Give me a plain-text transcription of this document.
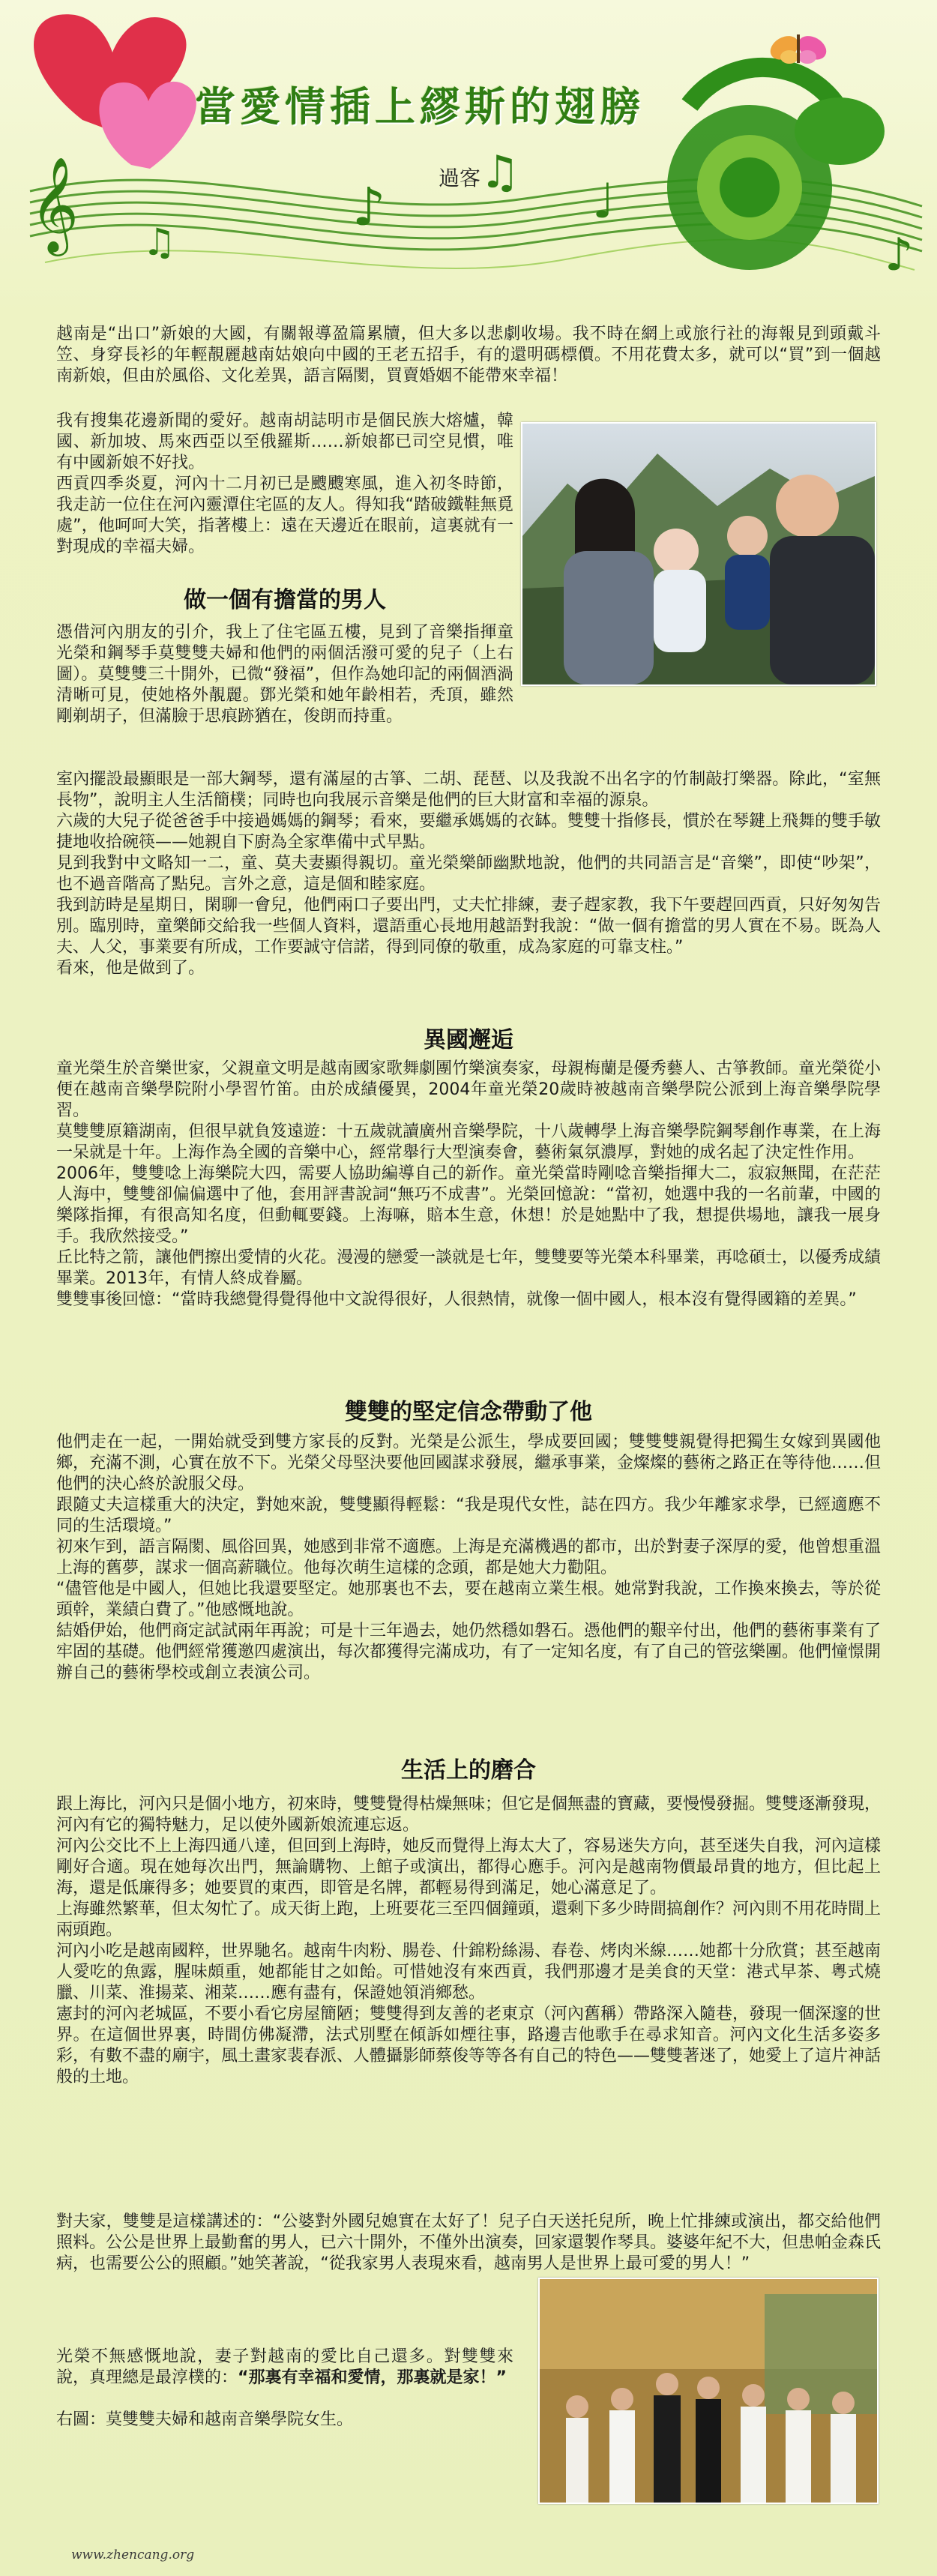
𝄞	♪
♫
♩
♪
♫
當愛情插上繆斯的翅膀
過客

越南是“出口”新娘的大國，有關報導盈篇累牘，但大多以悲劇收場。我不時在網上或旅行社的海報見到頭戴斗笠、身穿長衫的年輕靚麗越南姑娘向中國的王老五招手，有的還明碼標價。不用花費太多，就可以“買”到一個越南新娘，但由於風俗、文化差異，語言隔閡，買賣婚姻不能帶來幸福！

我有搜集花邊新聞的愛好。越南胡誌明市是個民族大熔爐，韓國、新加坡、馬來西亞以至俄羅斯……新娘都已司空見慣，唯有中國新娘不好找。

西貢四季炎夏，河內十二月初已是颼颼寒風，進入初冬時節，我走訪一位住在河內靈潭住宅區的友人。得知我“踏破鐵鞋無覓處”，他呵呵大笑，指著樓上：遠在天邊近在眼前，這裏就有一對現成的幸福夫婦。

做一個有擔當的男人

憑借河內朋友的引介，我上了住宅區五樓，見到了音樂指揮童光榮和鋼琴手莫雙雙夫婦和他們的兩個活潑可愛的兒子（上右圖）。莫雙雙三十開外，已微“發福”，但作為她印記的兩個酒渦清晰可見，使她格外靚麗。鄧光榮和她年齡相若，秃頂，雖然剛剃胡子，但滿臉于思痕跡猶在，俊朗而持重。

室內擺設最顯眼是一部大鋼琴，還有滿屋的古箏、二胡、琵琶、以及我說不出名字的竹制敲打樂器。除此，“室無長物”，說明主人生活簡樸；同時也向我展示音樂是他們的巨大財富和幸福的源泉。

六歲的大兒子從爸爸手中接過媽媽的鋼琴；看來，要繼承媽媽的衣缽。雙雙十指修長，慣於在琴鍵上飛舞的雙手敏捷地收拾碗筷——她親自下廚為全家準備中式早點。

見到我對中文略知一二，童、莫夫妻顯得親切。童光榮樂師幽默地說，他們的共同語言是“音樂”，即使“吵架”，也不過音階高了點兒。言外之意，這是個和睦家庭。

我到訪時是星期日，閑聊一會兒，他們兩口子要出門，丈夫忙排練，妻子趕家教，我下午要趕回西貢，只好匆匆告別。臨別時，童樂師交給我一些個人資料，還語重心長地用越語對我說：“做一個有擔當的男人實在不易。既為人夫、人父，事業要有所成，工作要誠守信諾，得到同僚的敬重，成為家庭的可靠支柱。”

看來，他是做到了。

異國邂逅

童光榮生於音樂世家，父親童文明是越南國家歌舞劇團竹樂演奏家，母親梅蘭是優秀藝人、古箏教師。童光榮從小便在越南音樂學院附小學習竹笛。由於成績優異，2004年童光榮20歲時被越南音樂學院公派到上海音樂學院學習。

莫雙雙原籍湖南，但很早就負笈遠遊：十五歲就讀廣州音樂學院，十八歲轉學上海音樂學院鋼琴創作專業，在上海一呆就是十年。上海作為全國的音樂中心，經常舉行大型演奏會，藝術氣氛濃厚，對她的成名起了決定性作用。

2006年，雙雙唸上海樂院大四，需要人協助編導自己的新作。童光榮當時剛唸音樂指揮大二，寂寂無聞，在茫茫人海中，雙雙卻偏偏選中了他，套用評書說詞“無巧不成書”。光榮回憶說：“當初，她選中我的一名前輩，中國的樂隊指揮，有很高知名度，但動輒要錢。上海嘛，賠本生意，休想！於是她點中了我，想提供場地，讓我一展身手。我欣然接受。”

丘比特之箭，讓他們擦出愛情的火花。漫漫的戀愛一談就是七年，雙雙要等光榮本科畢業，再唸碩士，以優秀成績畢業。2013年，有情人終成眷屬。

雙雙事後回憶：“當時我總覺得覺得他中文說得很好，人很熱情，就像一個中國人，根本沒有覺得國籍的差異。”

雙雙的堅定信念帶動了他

他們走在一起，一開始就受到雙方家長的反對。光榮是公派生，學成要回國；雙雙雙親覺得把獨生女嫁到異國他鄉，充滿不測，心實在放不下。光榮父母堅決要他回國謀求發展，繼承事業，金燦燦的藝術之路正在等待他……但他們的決心終於說服父母。

跟隨丈夫這樣重大的決定，對她來說，雙雙顯得輕鬆：“我是現代女性，誌在四方。我少年離家求學，已經適應不同的生活環境。”

初來乍到，語言隔閡、風俗回異，她感到非常不適應。上海是充滿機遇的都市，出於對妻子深厚的愛，他曾想重溫上海的舊夢，謀求一個高薪職位。他每次萌生這樣的念頭，都是她大力勸阻。

“儘管他是中國人，但她比我還要堅定。她那裏也不去，要在越南立業生根。她常對我說，工作換來換去，等於從頭幹，業績白費了。”他感慨地說。

結婚伊始，他們商定試試兩年再說；可是十三年過去，她仍然穩如磐石。憑他們的艱辛付出，他們的藝術事業有了牢固的基礎。他們經常獲邀四處演出，每次都獲得完滿成功，有了一定知名度，有了自己的管弦樂團。他們憧憬開辦自己的藝術學校或創立表演公司。

生活上的磨合

跟上海比，河內只是個小地方，初來時，雙雙覺得枯燥無味；但它是個無盡的寶藏，要慢慢發掘。雙雙逐漸發現，河內有它的獨特魅力，足以使外國新娘流連忘返。

河內公交比不上上海四通八達，但回到上海時，她反而覺得上海太大了，容易迷失方向，甚至迷失自我，河內這樣剛好合適。現在她每次出門，無論購物、上館子或演出，都得心應手。河內是越南物價最昂貴的地方，但比起上海，還是低廉得多；她要買的東西，即管是名牌，都輕易得到滿足，她心滿意足了。

上海雖然繁華，但太匆忙了。成天街上跑，上班要花三至四個鐘頭，還剩下多少時間搞創作？河內則不用花時間上兩頭跑。

河內小吃是越南國粹，世界馳名。越南牛肉粉、腸卷、什錦粉絲湯、春卷、烤肉米線……她都十分欣賞；甚至越南人愛吃的魚露，腥味頗重，她都能甘之如飴。可惜她沒有來西貢，我們那邊才是美食的天堂：港式早茶、粵式燒臘、川菜、淮揚菜、湘菜……應有盡有，保證她領消鄉愁。

憲封的河內老城區，不要小看它房屋簡陋；雙雙得到友善的老東京（河內舊稱）帶路深入隨巷，發現一個深邃的世界。在這個世界裏，時間仿佛凝滯，法式別墅在傾訴如煙往事，路邊吉他歌手在尋求知音。河內文化生活多姿多彩，有數不盡的廟宇，風土畫家裴春派、人體攝影師蔡俊等等各有自己的特色——雙雙著迷了，她愛上了這片神話般的土地。

對夫家，雙雙是這樣講述的：“公婆對外國兒媳實在太好了！兒子白天送托兒所，晚上忙排練或演出，都交給他們照料。公公是世界上最勤奮的男人，已六十開外，不僅外出演奏，回家還製作琴具。婆婆年紀不大，但患帕金森氏病，也需要公公的照顧。”她笑著說，“從我家男人表現來看，越南男人是世界上最可愛的男人！”

光榮不無感慨地說，妻子對越南的愛比自己還多。對雙雙來說，真理總是最淳樸的：“那裏有幸福和愛情，那裏就是家！”

右圖：莫雙雙夫婦和越南音樂學院女生。

www.zhencang.org
